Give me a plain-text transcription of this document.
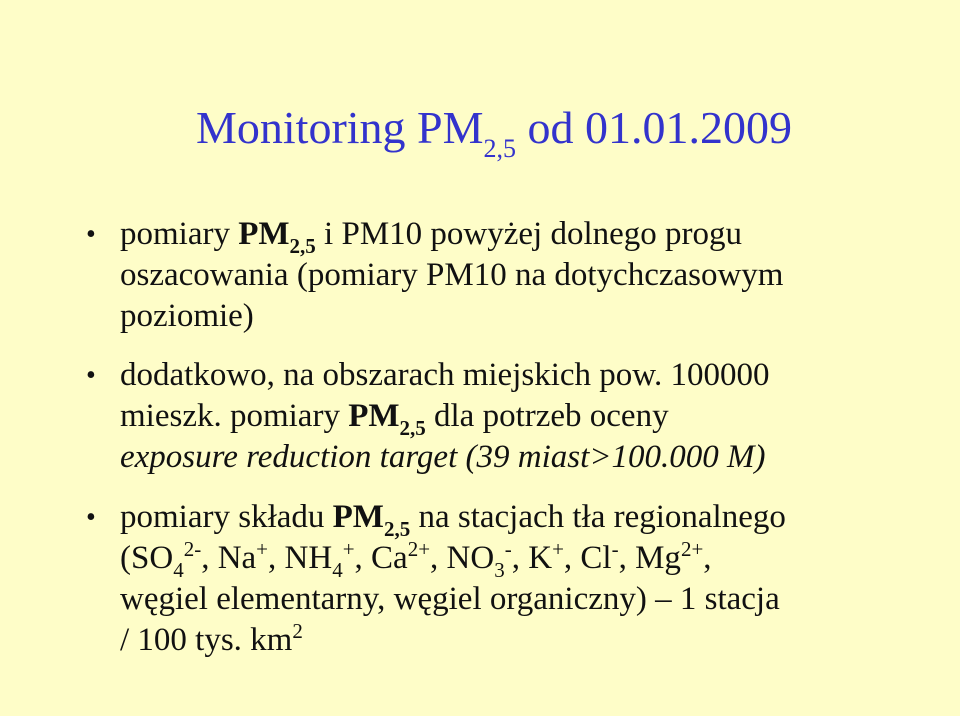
Monitoring $PM_{2,5}$ od 01.01.2009
• pomiary $PM_{2,5}$ i PM10 powyżej dolnego progu
oszacowania (pomiary PM10 na dotychczasowym
poziomie)
• dodatkowo, na obszarach miejskich pow. 100000
mieszk. pomiary $PM_{2,5}$ dla potrzeb oceny
exposure reduction target (39 miast>100.000 M)
• pomiary składu $PM_{2,5}$ na stacjach tła regionalnego
($SO_4^{2-}$, Na+, $NH_4^+$, $Ca^{2+}$, $NO_3^-$, K+, Cl-, $Mg^{2+}$,
węgiel elementarny, węgiel organiczny) – 1 stacja
/ 100 tys. $km^2$
